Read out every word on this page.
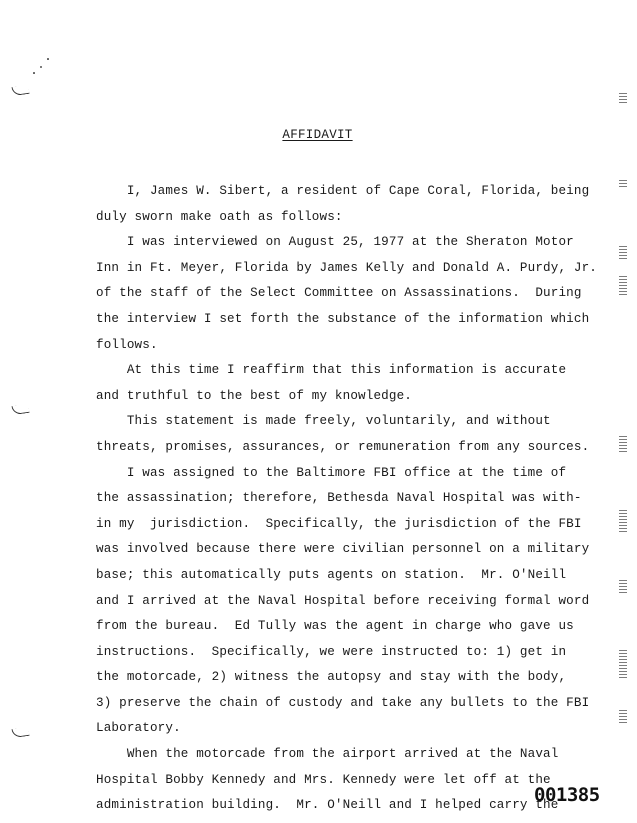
AFFIDAVIT
I, James W. Sibert, a resident of Cape Coral, Florida, being
duly sworn make oath as follows:
I was interviewed on August 25, 1977 at the Sheraton Motor
Inn in Ft. Meyer, Florida by James Kelly and Donald A. Purdy, Jr.
of the staff of the Select Committee on Assassinations.  During
the interview I set forth the substance of the information which
follows.
At this time I reaffirm that this information is accurate
and truthful to the best of my knowledge.
This statement is made freely, voluntarily, and without
threats, promises, assurances, or remuneration from any sources.
I was assigned to the Baltimore FBI office at the time of
the assassination; therefore, Bethesda Naval Hospital was with-
in my  jurisdiction.  Specifically, the jurisdiction of the FBI
was involved because there were civilian personnel on a military
base; this automatically puts agents on station.  Mr. O'Neill
and I arrived at the Naval Hospital before receiving formal word
from the bureau.  Ed Tully was the agent in charge who gave us
instructions.  Specifically, we were instructed to: 1) get in
the motorcade, 2) witness the autopsy and stay with the body,
3) preserve the chain of custody and take any bullets to the FBI
Laboratory.
When the motorcade from the airport arrived at the Naval
Hospital Bobby Kennedy and Mrs. Kennedy were let off at the
administration building.  Mr. O'Neill and I helped carry the
001385
